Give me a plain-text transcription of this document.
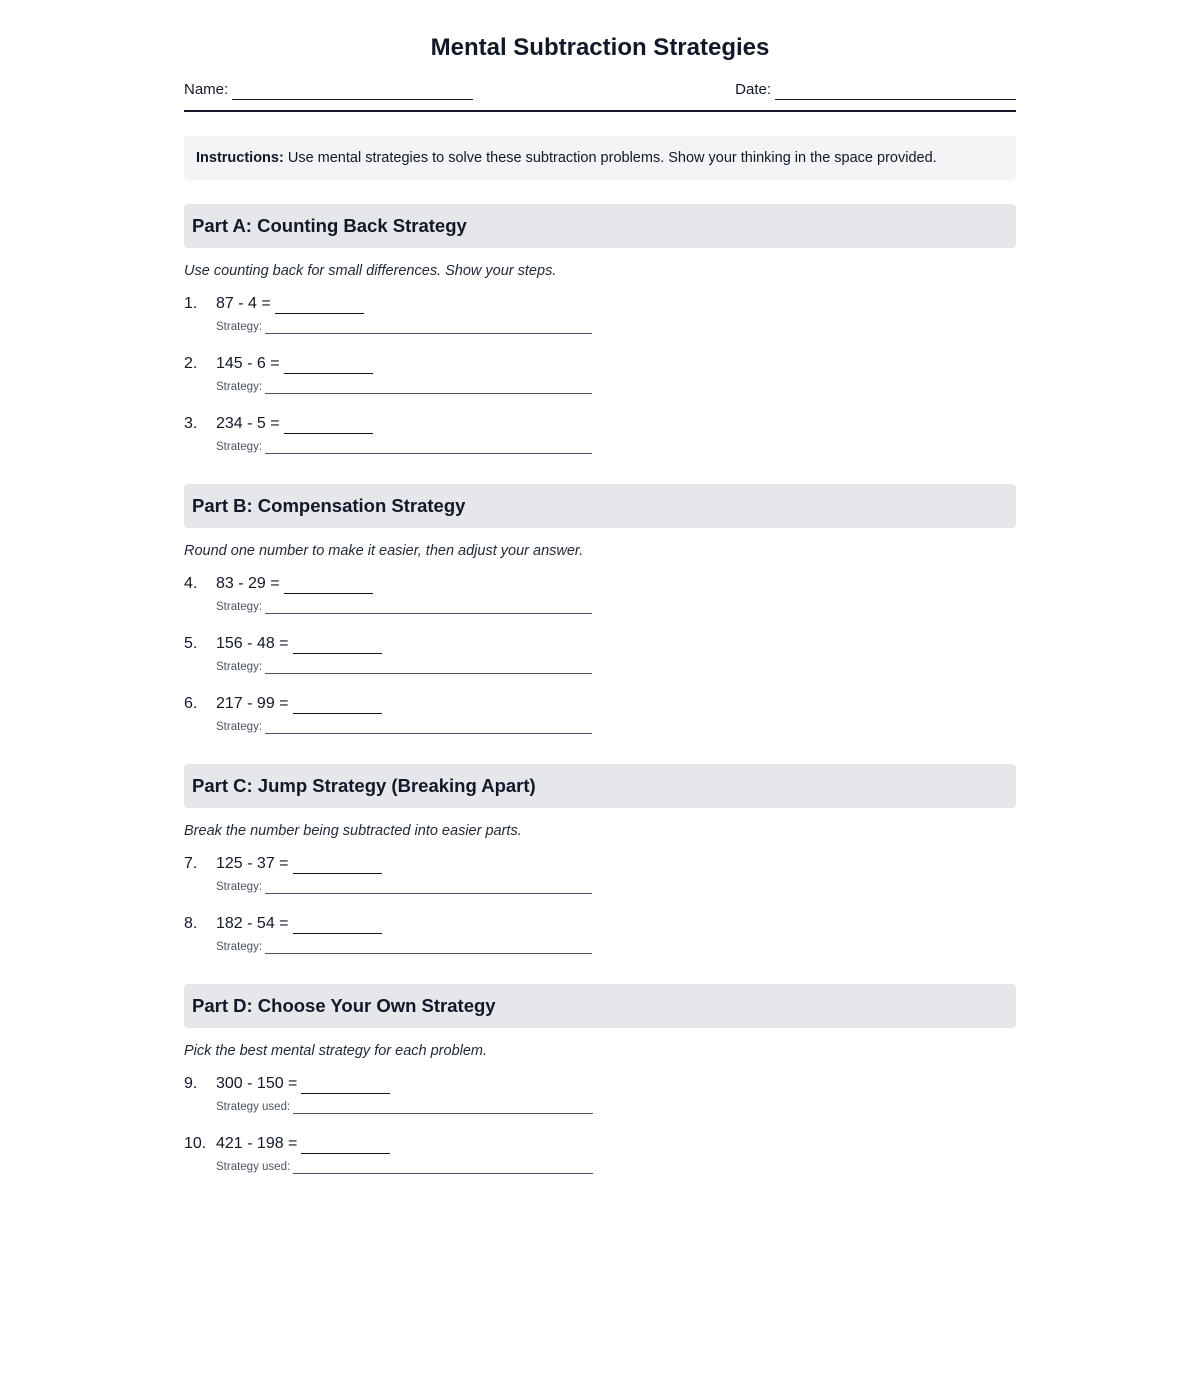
Mental Subtraction Strategies
Name:	Date:
Instructions: Use mental strategies to solve these subtraction problems. Show your thinking in the space provided.
Part A: Counting Back Strategy
Use counting back for small differences. Show your steps.
1.	87 - 4 =
Strategy:
2.	145 - 6 =
Strategy:
3.	234 - 5 =
Strategy:
Part B: Compensation Strategy
Round one number to make it easier, then adjust your answer.
4.	83 - 29 =
Strategy:
5.	156 - 48 =
Strategy:
6.	217 - 99 =
Strategy:
Part C: Jump Strategy (Breaking Apart)
Break the number being subtracted into easier parts.
7.	125 - 37 =
Strategy:
8.	182 - 54 =
Strategy:
Part D: Choose Your Own Strategy
Pick the best mental strategy for each problem.
9.	300 - 150 =
Strategy used:
10. 421 - 198 =
Strategy used:
